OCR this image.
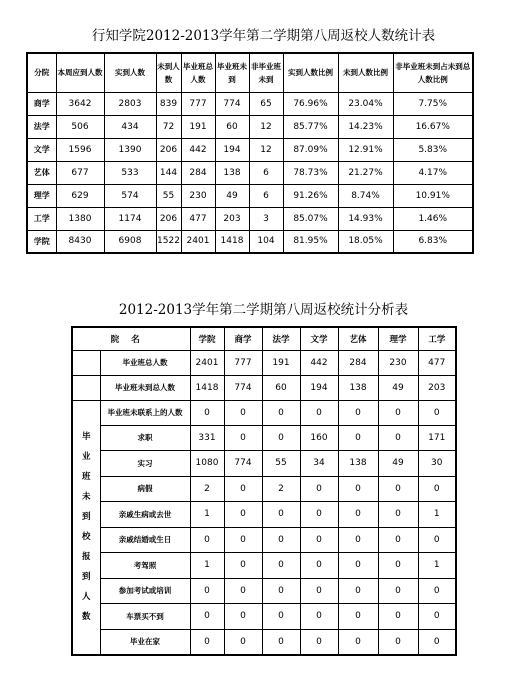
行知学院2012-2013学年第二学期第八周返校人数统计表
分院	本周应到人数	实到人数	未到人数	毕业班总人数	毕业班未到	非毕业班未到	实到人数比例	未到人数比例	非毕业班未到占未到总人数比例
商学	3642	2803	839	777	774	65	76.96%	23.04%	7.75%
法学	506	434	72	191	60	12	85.77%	14.23%	16.67%
文学	1596	1390	206	442	194	12	87.09%	12.91%	5.83%
艺体	677	533	144	284	138	6	78.73%	21.27%	4.17%
理学	629	574	55	230	49	6	91.26%	8.74%	10.91%
工学	1380	1174	206	477	203	3	85.07%	14.93%	1.46%
学院	8430	6908	1522	2401	1418	104	81.95%	18.05%	6.83%
2012-2013学年第二学期第八周返校统计分析表
院名		学院	商学	法学	文学	艺体	理学	工学
	毕业班总人数	2401	777	191	442	284	230	477
	毕业班未到总人数	1418	774	60	194	138	49	203

毕业班未到校报到人数	毕业班未联系上的人数	0	0	0	0	0	0	0
	求职	331	0	0	160	0	0	171
	实习	1080	774	55	34	138	49	30
	病假	2	0	2	0	0	0	0
	亲戚生病或去世	1	0	0	0	0	0	1
	亲戚结婚或生日	0	0	0	0	0	0	0
	考驾照	1	0	0	0	0	0	1
	参加考试或培训	0	0	0	0	0	0	0
	车票买不到	0	0	0	0	0	0	0
	毕业在家	0	0	0	0	0	0	0
